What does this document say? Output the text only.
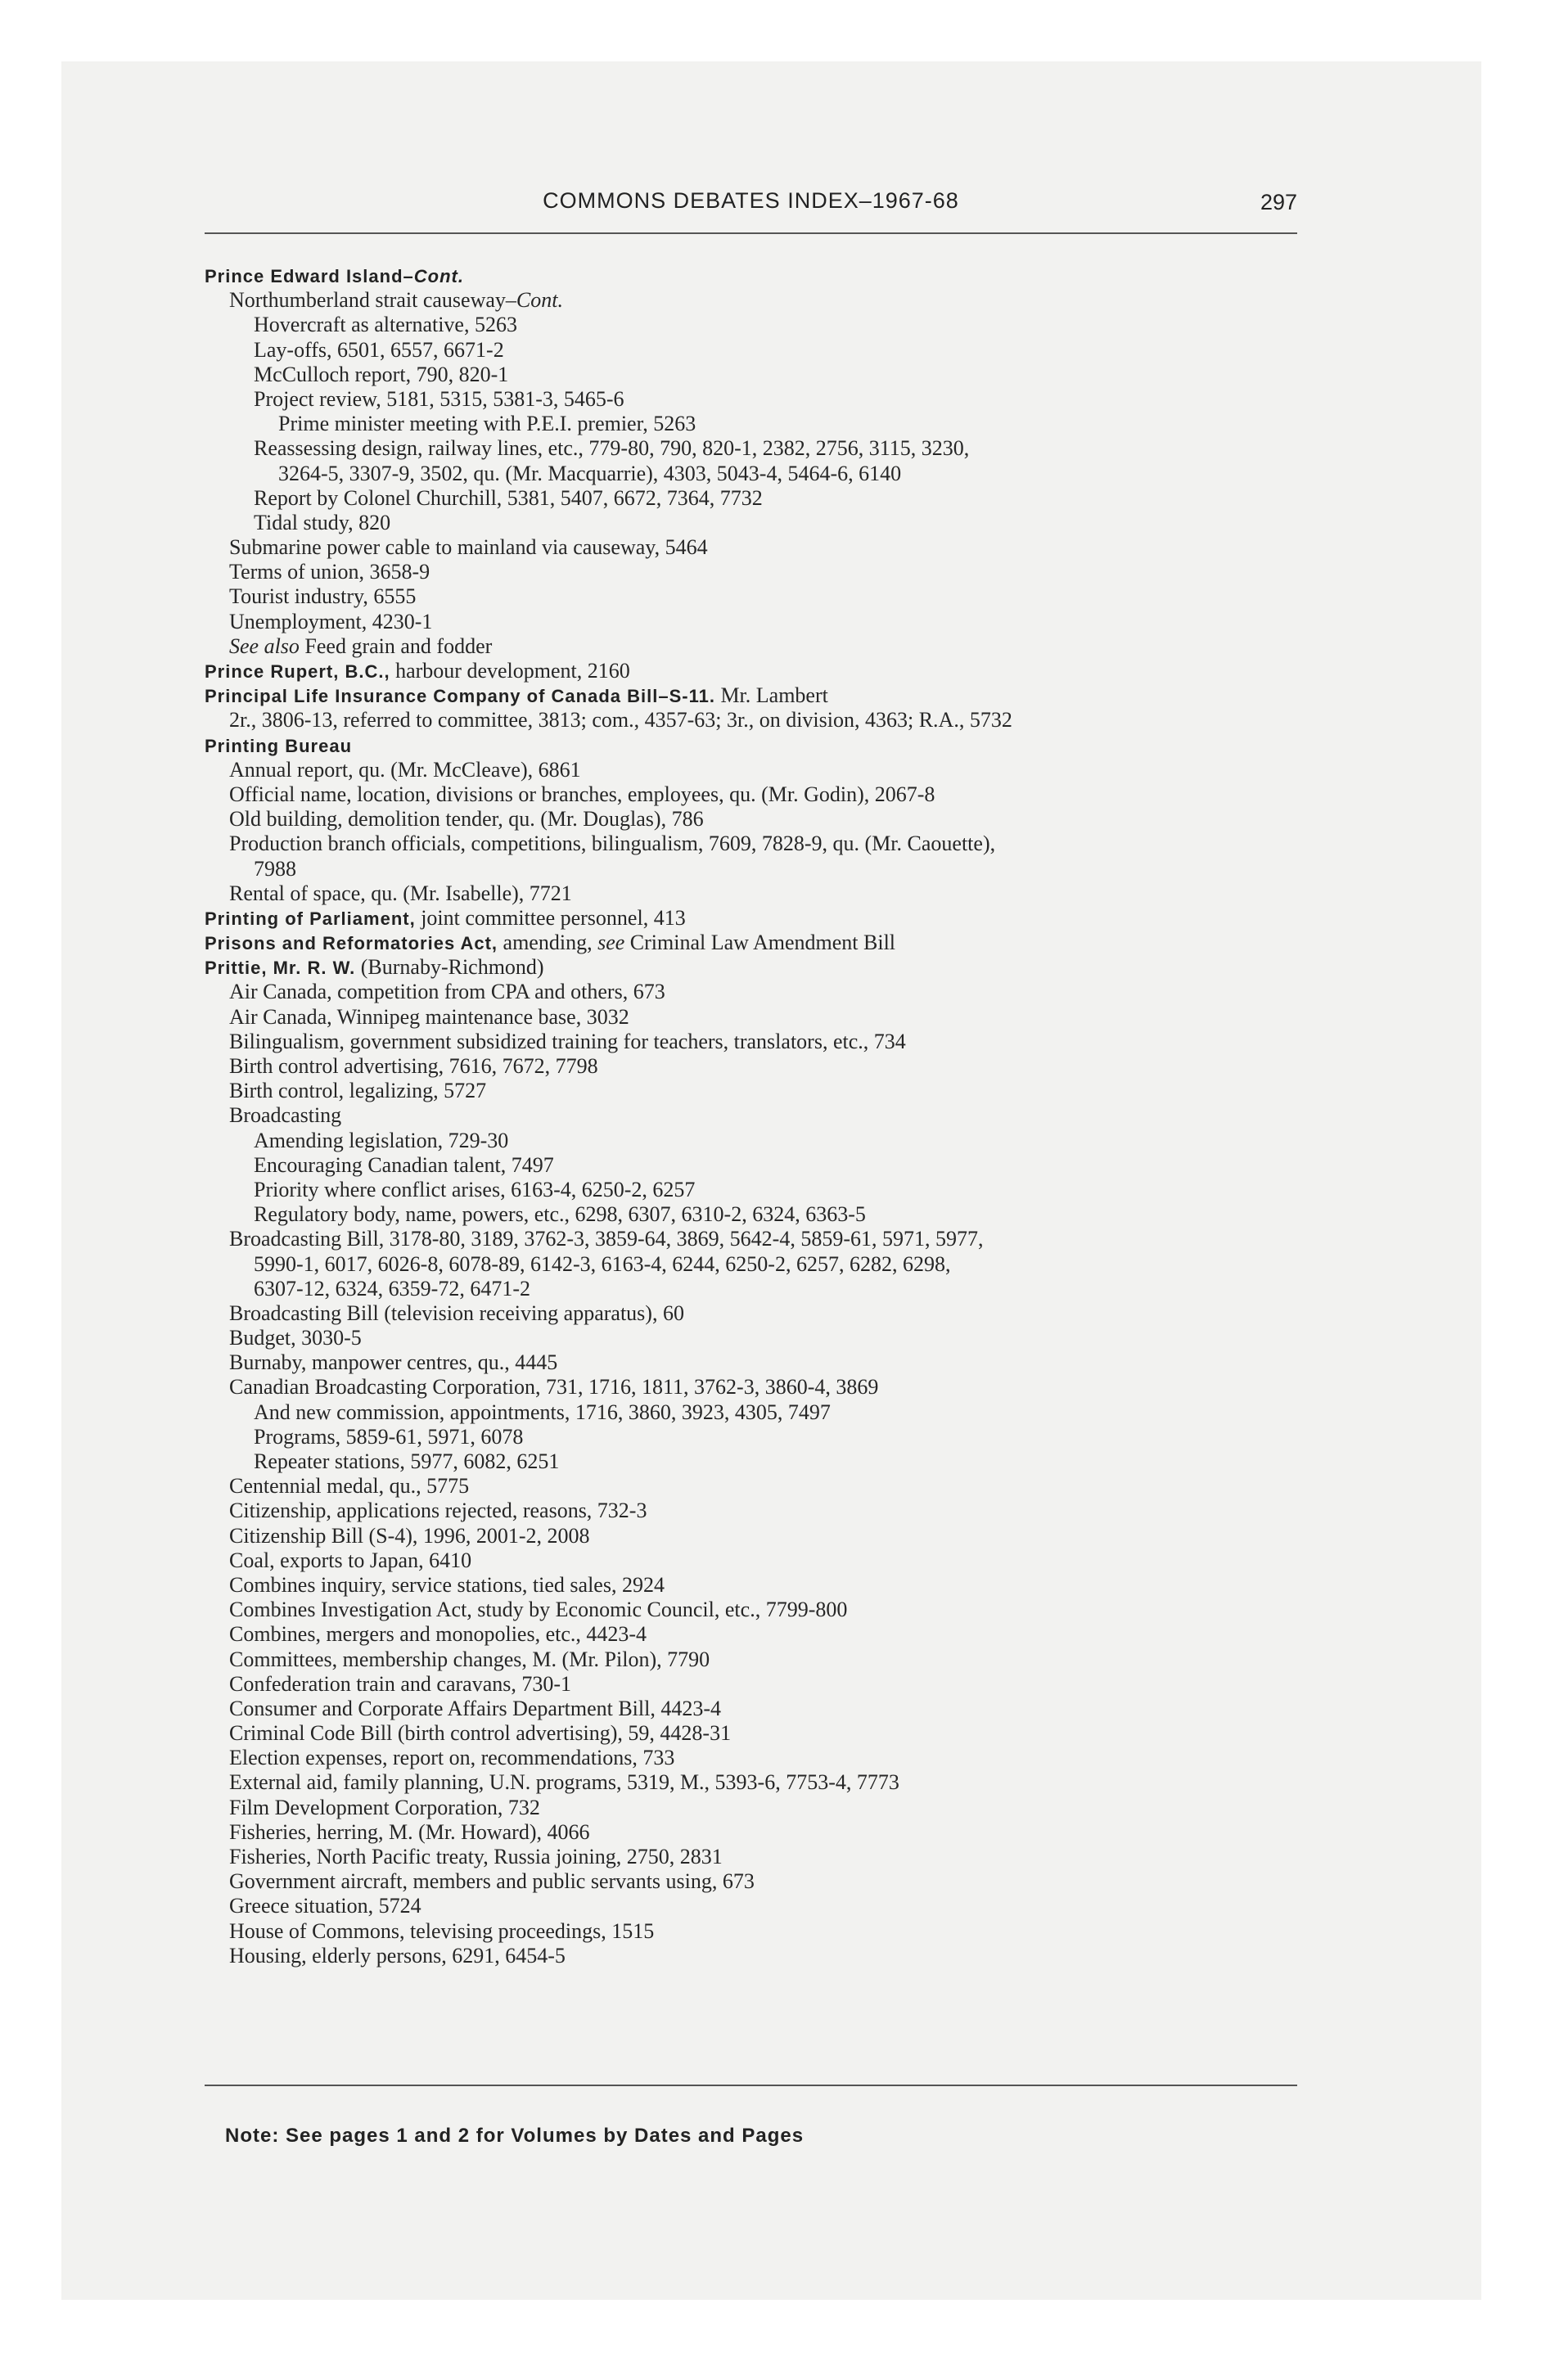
COMMONS DEBATES INDEX–1967-68	297
Prince Edward Island–Cont.
Northumberland strait causeway–Cont.
Hovercraft as alternative, 5263
Lay-offs, 6501, 6557, 6671-2
McCulloch report, 790, 820-1
Project review, 5181, 5315, 5381-3, 5465-6
Prime minister meeting with P.E.I. premier, 5263
Reassessing design, railway lines, etc., 779-80, 790, 820-1, 2382, 2756, 3115, 3230,
3264-5, 3307-9, 3502, qu. (Mr. Macquarrie), 4303, 5043-4, 5464-6, 6140
Report by Colonel Churchill, 5381, 5407, 6672, 7364, 7732
Tidal study, 820
Submarine power cable to mainland via causeway, 5464
Terms of union, 3658-9
Tourist industry, 6555
Unemployment, 4230-1
See also Feed grain and fodder
Prince Rupert, B.C., harbour development, 2160
Principal Life Insurance Company of Canada Bill–S-11. Mr. Lambert
2r., 3806-13, referred to committee, 3813; com., 4357-63; 3r., on division, 4363; R.A., 5732
Printing Bureau
Annual report, qu. (Mr. McCleave), 6861
Official name, location, divisions or branches, employees, qu. (Mr. Godin), 2067-8
Old building, demolition tender, qu. (Mr. Douglas), 786
Production branch officials, competitions, bilingualism, 7609, 7828-9, qu. (Mr. Caouette),
7988
Rental of space, qu. (Mr. Isabelle), 7721
Printing of Parliament, joint committee personnel, 413
Prisons and Reformatories Act, amending, see Criminal Law Amendment Bill
Prittie, Mr. R. W. (Burnaby-Richmond)
Air Canada, competition from CPA and others, 673
Air Canada, Winnipeg maintenance base, 3032
Bilingualism, government subsidized training for teachers, translators, etc., 734
Birth control advertising, 7616, 7672, 7798
Birth control, legalizing, 5727
Broadcasting
Amending legislation, 729-30
Encouraging Canadian talent, 7497
Priority where conflict arises, 6163-4, 6250-2, 6257
Regulatory body, name, powers, etc., 6298, 6307, 6310-2, 6324, 6363-5
Broadcasting Bill, 3178-80, 3189, 3762-3, 3859-64, 3869, 5642-4, 5859-61, 5971, 5977,
5990-1, 6017, 6026-8, 6078-89, 6142-3, 6163-4, 6244, 6250-2, 6257, 6282, 6298,
6307-12, 6324, 6359-72, 6471-2
Broadcasting Bill (television receiving apparatus), 60
Budget, 3030-5
Burnaby, manpower centres, qu., 4445
Canadian Broadcasting Corporation, 731, 1716, 1811, 3762-3, 3860-4, 3869
And new commission, appointments, 1716, 3860, 3923, 4305, 7497
Programs, 5859-61, 5971, 6078
Repeater stations, 5977, 6082, 6251
Centennial medal, qu., 5775
Citizenship, applications rejected, reasons, 732-3
Citizenship Bill (S-4), 1996, 2001-2, 2008
Coal, exports to Japan, 6410
Combines inquiry, service stations, tied sales, 2924
Combines Investigation Act, study by Economic Council, etc., 7799-800
Combines, mergers and monopolies, etc., 4423-4
Committees, membership changes, M. (Mr. Pilon), 7790
Confederation train and caravans, 730-1
Consumer and Corporate Affairs Department Bill, 4423-4
Criminal Code Bill (birth control advertising), 59, 4428-31
Election expenses, report on, recommendations, 733
External aid, family planning, U.N. programs, 5319, M., 5393-6, 7753-4, 7773
Film Development Corporation, 732
Fisheries, herring, M. (Mr. Howard), 4066
Fisheries, North Pacific treaty, Russia joining, 2750, 2831
Government aircraft, members and public servants using, 673
Greece situation, 5724
House of Commons, televising proceedings, 1515
Housing, elderly persons, 6291, 6454-5
Note: See pages 1 and 2 for Volumes by Dates and Pages
